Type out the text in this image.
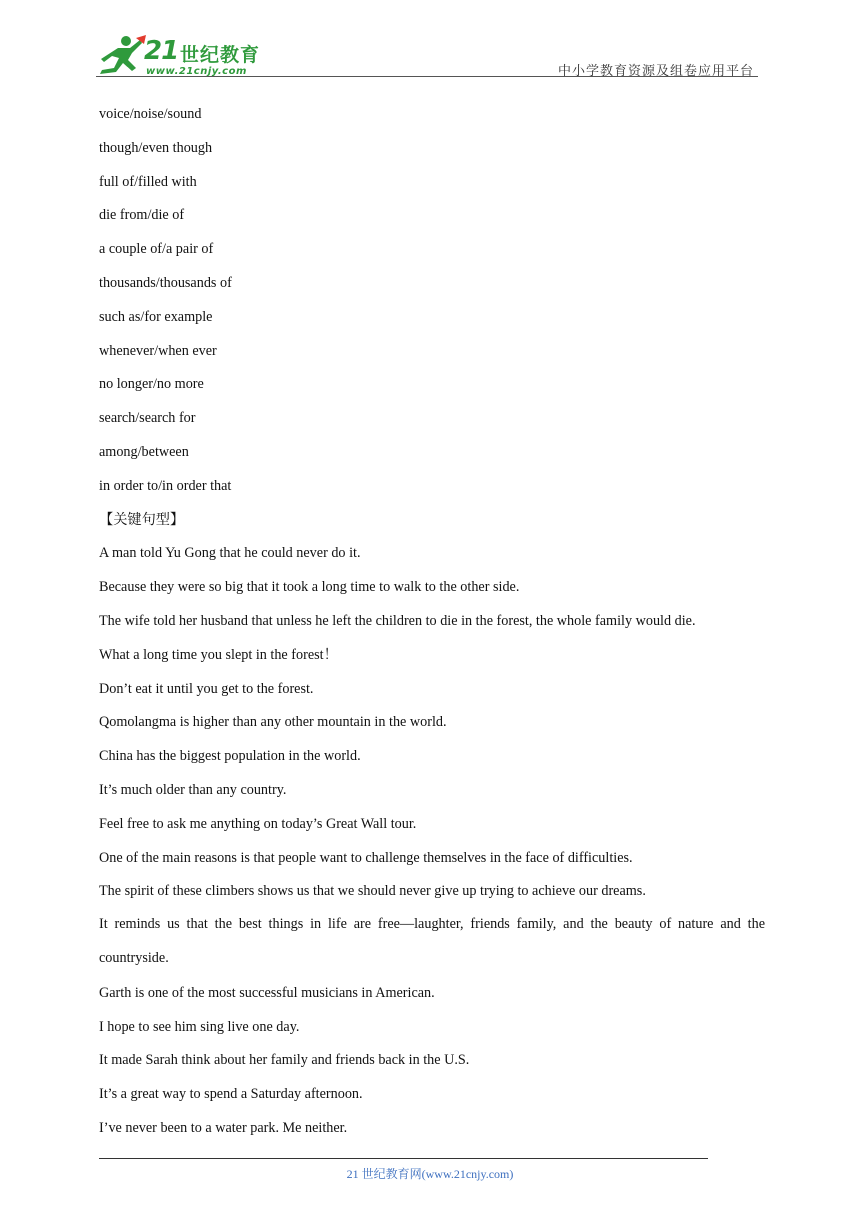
21 世纪教育
www.21cnjy.com	中小学教育资源及组卷应用平台
voice/noise/sound
though/even though
full of/filled with
die from/die of
a couple of/a pair of
thousands/thousands of
such as/for example
whenever/when ever
no longer/no more
search/search for
among/between
in order to/in order that
【关键句型】
A man told Yu Gong that he could never do it.
Because they were so big that it took a long time to walk to the other side.
The wife told her husband that unless he left the children to die in the forest, the whole family would die.
What a long time you slept in the forest！
Don’t eat it until you get to the forest.
Qomolangma is higher than any other mountain in the world.
China has the biggest population in the world.
It’s much older than any country.
Feel free to ask me anything on today’s Great Wall tour.
One of the main reasons is that people want to challenge themselves in the face of difficulties.
The spirit of these climbers shows us that we should never give up trying to achieve our dreams.
It reminds us that the best things in life are free—laughter, friends family, and the beauty of nature and the countryside.
Garth is one of the most successful musicians in American.
I hope to see him sing live one day.
It made Sarah think about her family and friends back in the U.S.
It’s a great way to spend a Saturday afternoon.
I’ve never been to a water park. Me neither.
21 世纪教育网(www.21cnjy.com)
